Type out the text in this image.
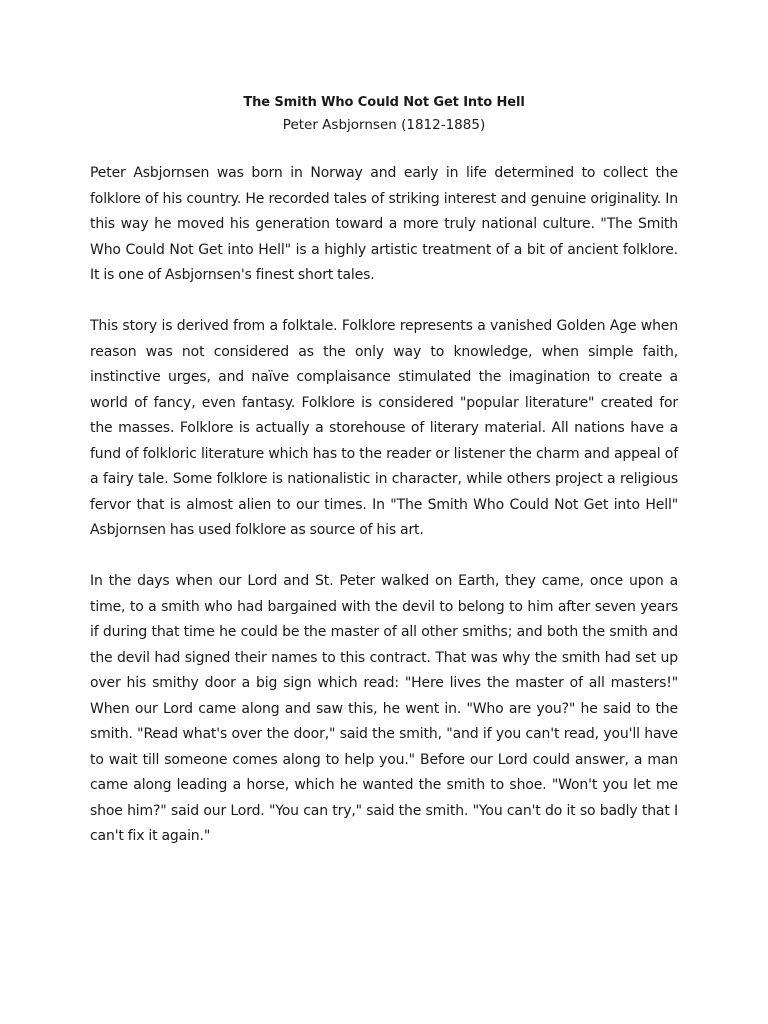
The Smith Who Could Not Get Into Hell

Peter Asbjornsen (1812-1885)

Peter Asbjornsen was born in Norway and early in life determined to collect the folklore of his country. He recorded tales of striking interest and genuine originality. In this way he moved his generation toward a more truly national culture. "The Smith Who Could Not Get into Hell" is a highly artistic treatment of a bit of ancient folklore. It is one of Asbjornsen's finest short tales.

This story is derived from a folktale. Folklore represents a vanished Golden Age when reason was not considered as the only way to knowledge, when simple faith, instinctive urges, and naïve complaisance stimulated the imagination to create a world of fancy, even fantasy. Folklore is considered "popular literature" created for the masses. Folklore is actually a storehouse of literary material. All nations have a fund of folkloric literature which has to the reader or listener the charm and appeal of a fairy tale. Some folklore is nationalistic in character, while others project a religious fervor that is almost alien to our times. In "The Smith Who Could Not Get into Hell" Asbjornsen has used folklore as source of his art.

In the days when our Lord and St. Peter walked on Earth, they came, once upon a time, to a smith who had bargained with the devil to belong to him after seven years if during that time he could be the master of all other smiths; and both the smith and the devil had signed their names to this contract. That was why the smith had set up over his smithy door a big sign which read: "Here lives the master of all masters!" When our Lord came along and saw this, he went in. "Who are you?" he said to the smith. "Read what's over the door," said the smith, "and if you can't read, you'll have to wait till someone comes along to help you." Before our Lord could answer, a man came along leading a horse, which he wanted the smith to shoe. "Won't you let me shoe him?" said our Lord. "You can try," said the smith. "You can't do it so badly that I can't fix it again."
